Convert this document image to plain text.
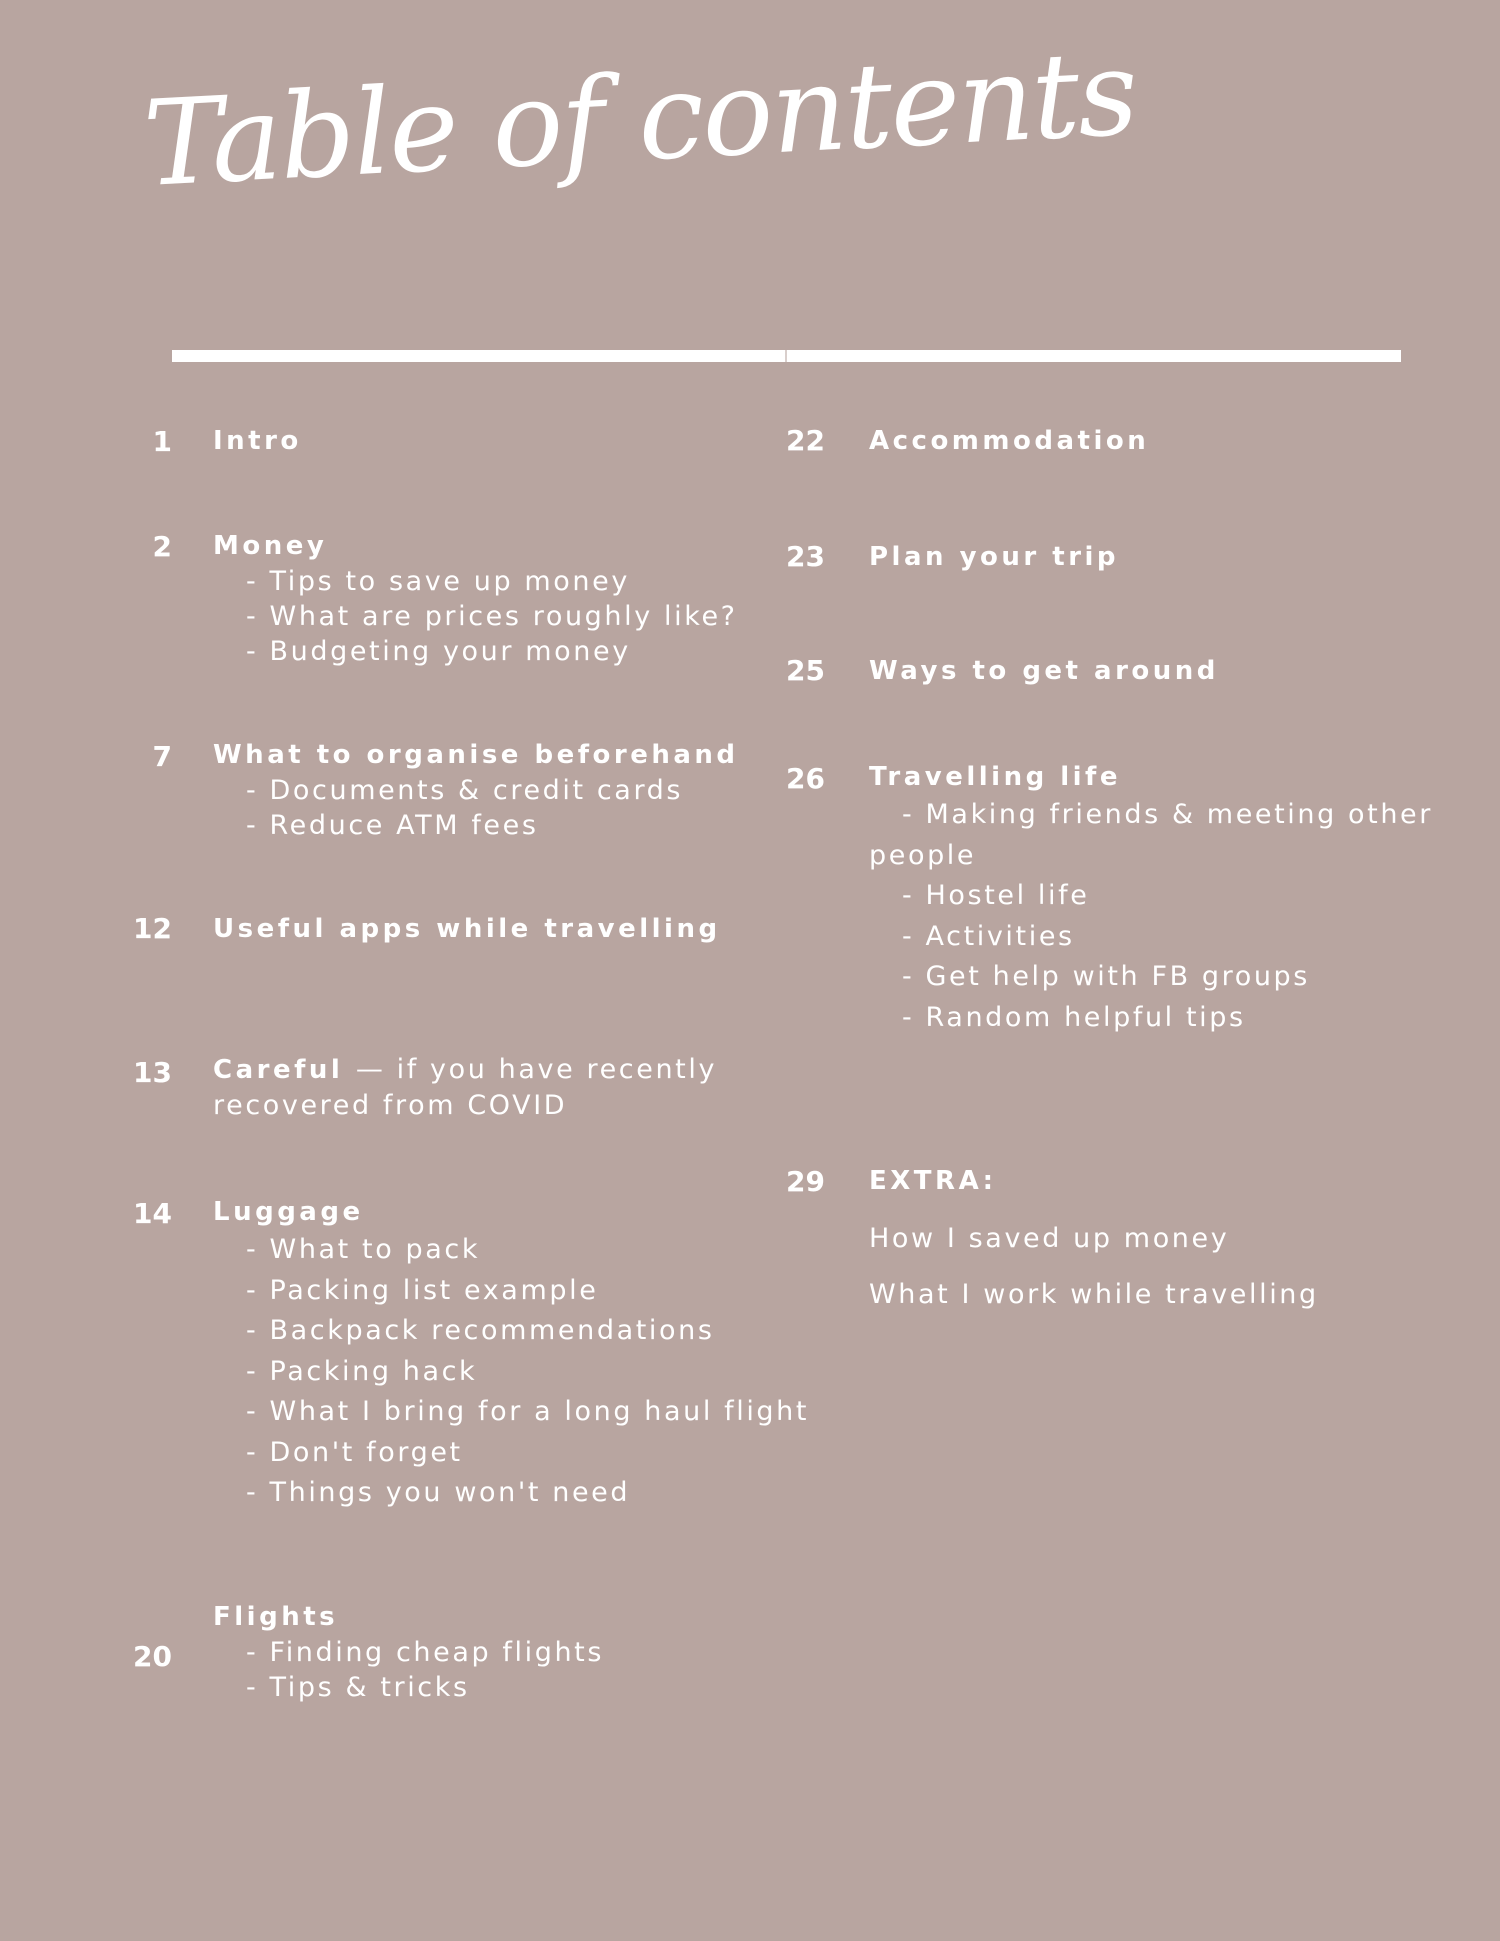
Table of contents
1 Intro
2 Money
- Tips to save up money
- What are prices roughly like?
- Budgeting your money
7 What to organise beforehand
- Documents & credit cards
- Reduce ATM fees
12 Useful apps while travelling
13 Careful — if you have recently
recovered from COVID
14 Luggage
- What to pack
- Packing list example
- Backpack recommendations
- Packing hack
- What I bring for a long haul flight
- Don't forget
- Things you won't need
20
Flights
- Finding cheap flights
- Tips & tricks
22 Accommodation
23 Plan your trip
25 Ways to get around
26 Travelling life
- Making friends & meeting other
people
- Hostel life
- Activities
- Get help with FB groups
- Random helpful tips
29 EXTRA:
How I saved up money
What I work while travelling
